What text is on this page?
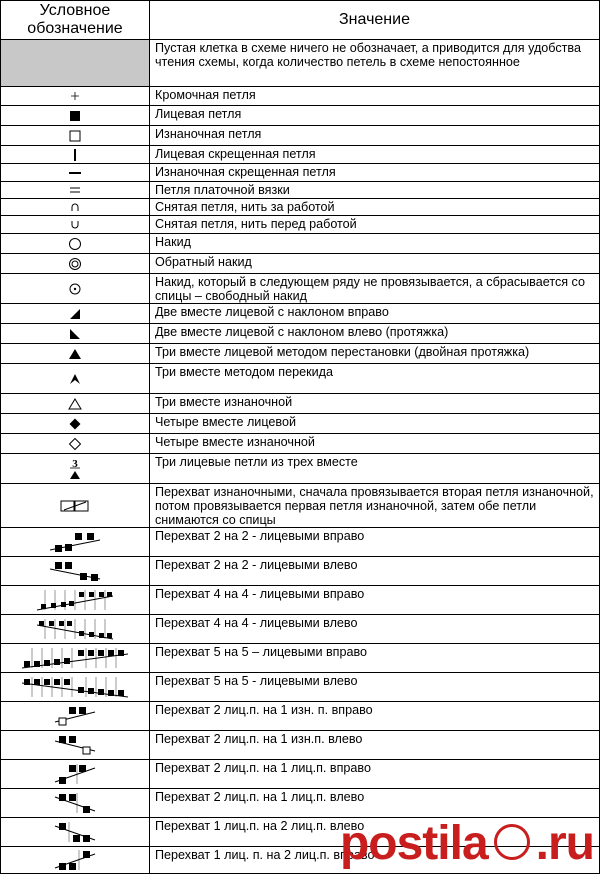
Условное обозначение	Значение
	Пустая клетка в схеме ничего не обозначает, а приводится для удобства чтения схемы, когда количество петель в схеме непостоянное

	Кромочная петля

	Лицевая петля

	Изнаночная петля

	Лицевая скрещенная петля

	Изнаночная скрещенная петля

	Петля платочной вязки

	Снятая петля, нить за работой

	Снятая петля, нить перед работой

	Накид

	Обратный накид

	Накид, который в следующем ряду не провязывается, а сбрасывается со спицы – свободный накид

	Две вместе лицевой с наклоном вправо

	Две вместе лицевой с наклоном влево (протяжка)

	Три вместе лицевой методом перестановки (двойная протяжка)

	Три вместе методом перекида

	Три вместе изнаночной

	Четыре вместе лицевой

	Четыре вместе изнаночной

3	Три лицевые петли из трех вместе

	Перехват изнаночными, сначала провязывается вторая петля изнаночной, потом провязывается первая петля изнаночной, затем обе петли снимаются со спицы

	Перехват 2 на 2 - лицевыми вправо

	Перехват 2 на 2 - лицевыми влево

	Перехват 4 на 4 - лицевыми вправо

	Перехват 4 на 4 - лицевыми влево

	Перехват 5 на 5 – лицевыми вправо

	Перехват 5 на 5 - лицевыми влево

	Перехват 2 лиц.п. на 1 изн. п. вправо

	Перехват 2 лиц.п. на 1 изн.п. влево

	Перехват 2 лиц.п. на 1 лиц.п. вправо

	Перехват 2 лиц.п. на 1 лиц.п. влево

	Перехват 1 лиц.п. на 2 лиц.п. влево

	Перехват 1 лиц. п. на 2 лиц.п. вправо
postila .ru
